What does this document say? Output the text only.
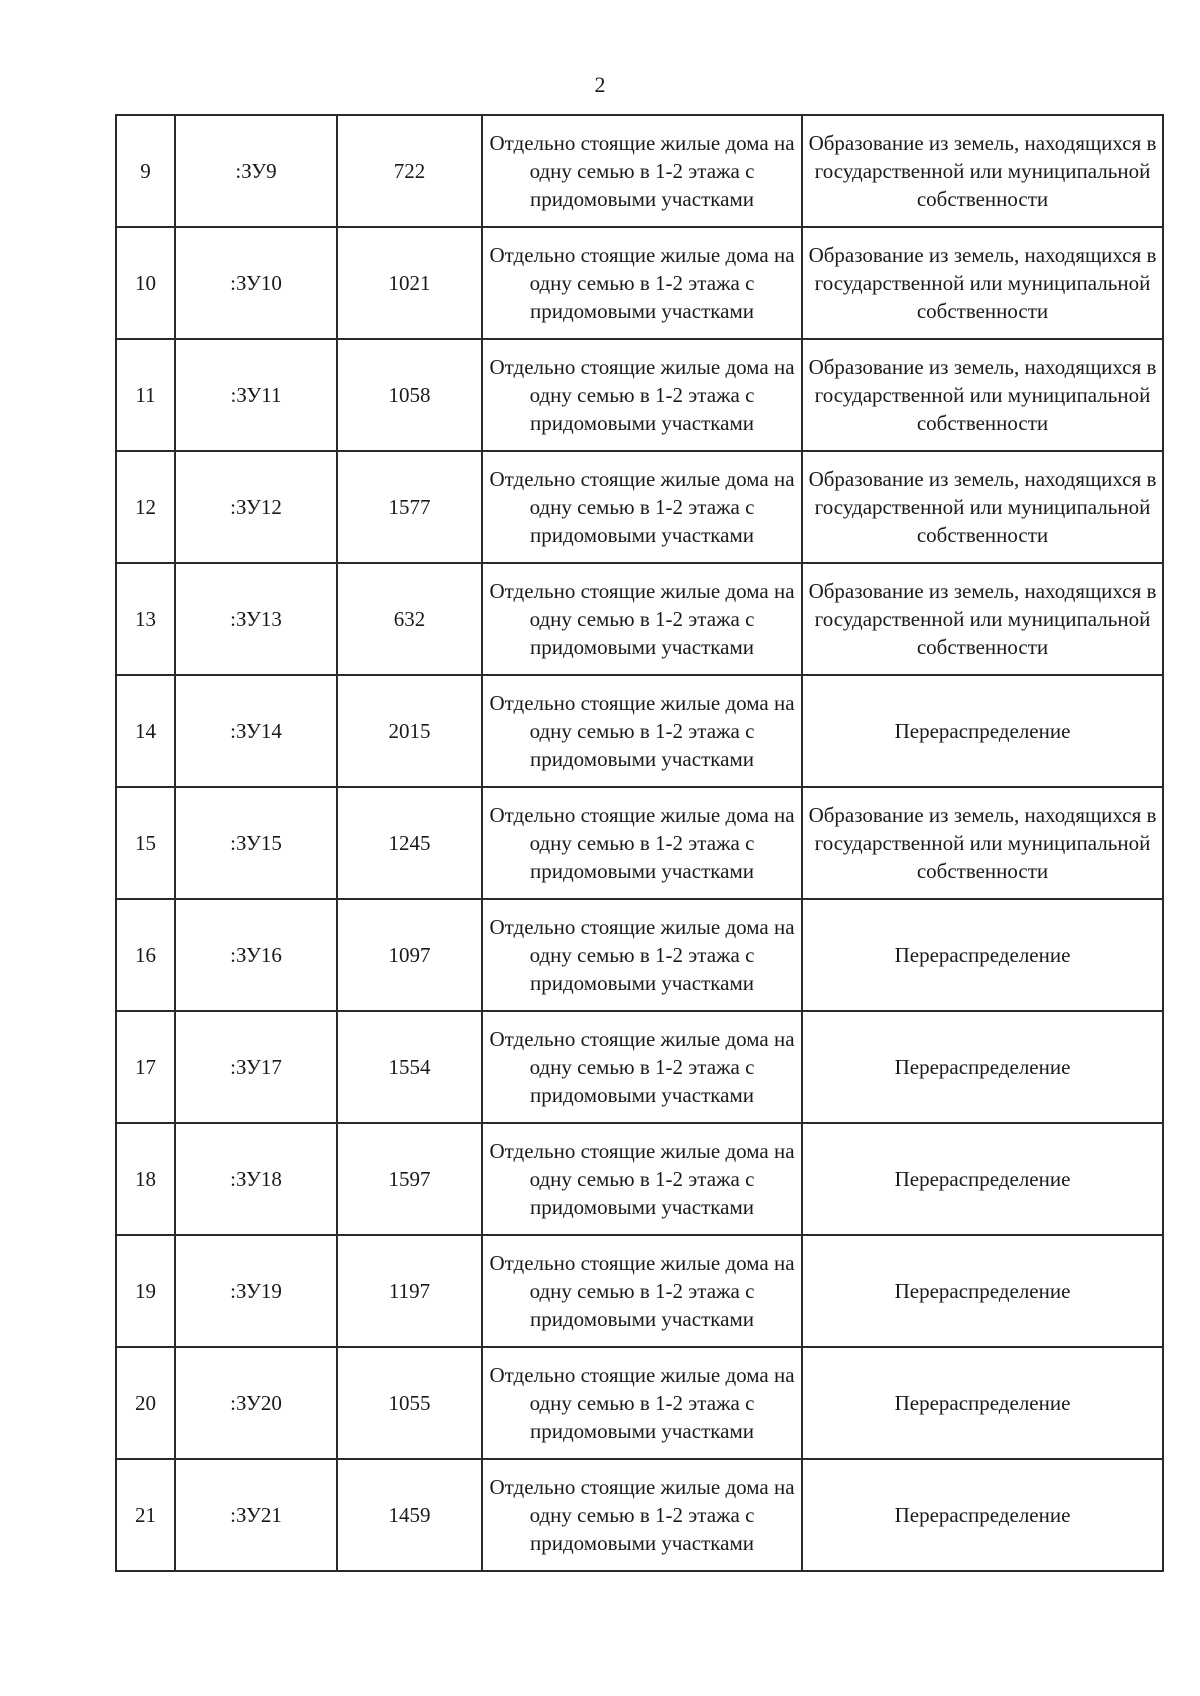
2
9	:ЗУ9	722	Отдельно стоящие жилые дома на одну семью в 1-2 этажа с придомовыми участками	Образование из земель, находящихся в государственной или муниципальной собственности
10	:ЗУ10	1021	Отдельно стоящие жилые дома на одну семью в 1-2 этажа с придомовыми участками	Образование из земель, находящихся в государственной или муниципальной собственности
11	:ЗУ11	1058	Отдельно стоящие жилые дома на одну семью в 1-2 этажа с придомовыми участками	Образование из земель, находящихся в государственной или муниципальной собственности
12	:ЗУ12	1577	Отдельно стоящие жилые дома на одну семью в 1-2 этажа с придомовыми участками	Образование из земель, находящихся в государственной или муниципальной собственности
13	:ЗУ13	632	Отдельно стоящие жилые дома на одну семью в 1-2 этажа с придомовыми участками	Образование из земель, находящихся в государственной или муниципальной собственности
14	:ЗУ14	2015	Отдельно стоящие жилые дома на одну семью в 1-2 этажа с придомовыми участками	Перераспределение
15	:ЗУ15	1245	Отдельно стоящие жилые дома на одну семью в 1-2 этажа с придомовыми участками	Образование из земель, находящихся в государственной или муниципальной собственности
16	:ЗУ16	1097	Отдельно стоящие жилые дома на одну семью в 1-2 этажа с придомовыми участками	Перераспределение
17	:ЗУ17	1554	Отдельно стоящие жилые дома на одну семью в 1-2 этажа с придомовыми участками	Перераспределение
18	:ЗУ18	1597	Отдельно стоящие жилые дома на одну семью в 1-2 этажа с придомовыми участками	Перераспределение
19	:ЗУ19	1197	Отдельно стоящие жилые дома на одну семью в 1-2 этажа с придомовыми участками	Перераспределение
20	:ЗУ20	1055	Отдельно стоящие жилые дома на одну семью в 1-2 этажа с придомовыми участками	Перераспределение
21	:ЗУ21	1459	Отдельно стоящие жилые дома на одну семью в 1-2 этажа с придомовыми участками	Перераспределение
